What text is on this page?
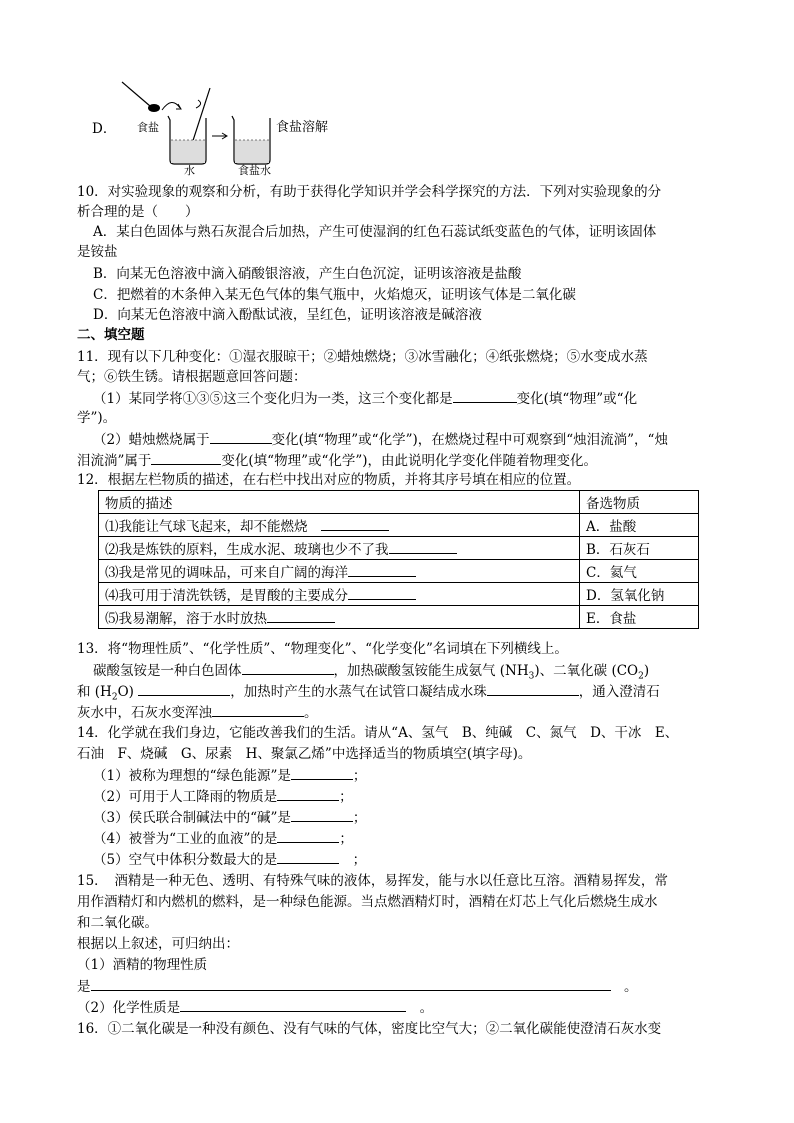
D． 食盐
水	食盐水
食盐溶解
10．对实验现象的观察和分析，有助于获得化学知识并学会科学探究的方法．下列对实验现象的分
析合理的是（　　）
A．某白色固体与熟石灰混合后加热，产生可使湿润的红色石蕊试纸变蓝色的气体，证明该固体
是铵盐
B．向某无色溶液中滴入硝酸银溶液，产生白色沉淀，证明该溶液是盐酸
C．把燃着的木条伸入某无色气体的集气瓶中，火焰熄灭，证明该气体是二氧化碳
D．向某无色溶液中滴入酚酞试液，呈红色，证明该溶液是碱溶液
二、填空题
11．现有以下几种变化：①湿衣服晾干；②蜡烛燃烧；③冰雪融化；④纸张燃烧；⑤水变成水蒸
气；⑥铁生锈。请根据题意回答问题：
（1）某同学将①③⑤这三个变化归为一类，这三个变化都是	变化(填“物理”或“化
学”)。
（2）蜡烛燃烧属于	变化(填“物理”或“化学”)，在燃烧过程中可观察到“烛泪流淌”，“烛
泪流淌”属于	变化(填“物理”或“化学”)，由此说明化学变化伴随着物理变化。
12．根据左栏物质的描述，在右栏中找出对应的物质，并将其序号填在相应的位置。
物质的描述	备选物质
⑴我能让气球飞起来，却不能燃烧　	A．盐酸
⑵我是炼铁的原料，生成水泥、玻璃也少不了我	B．石灰石
⑶我是常见的调味品，可来自广阔的海洋	C．氦气
⑷我可用于清洗铁锈，是胃酸的主要成分	D．氢氧化钠
⑸我易潮解，溶于水时放热	E．食盐
13．将“物理性质”、“化学性质”、“物理变化”、“化学变化”名词填在下列横线上。
碳酸氢铵是一种白色固体	，加热碳酸氢铵能生成氨气 $(NH_3)$、二氧化碳 $(CO_2)$
和 $(H_2O)$	，加热时产生的水蒸气在试管口凝结成水珠	，通入澄清石
灰水中，石灰水变浑浊	。
14．化学就在我们身边，它能改善我们的生活。请从“A、氢气　B、纯碱　C、氮气　D、干冰　E、
石油　F、烧碱　G、尿素　H、聚氯乙烯”中选择适当的物质填空(填字母)。
（1）被称为理想的“绿色能源”是	；
（2）可用于人工降雨的物质是	；
（3）侯氏联合制碱法中的“碱”是	；
（4）被誉为“工业的血液”的是	；
（5）空气中体积分数最大的是　	；
15．　酒精是一种无色、透明、有特殊气味的液体，易挥发，能与水以任意比互溶。酒精易挥发，常
用作酒精灯和内燃机的燃料，是一种绿色能源。当点燃酒精灯时，酒精在灯芯上气化后燃烧生成水
和二氧化碳。
根据以上叙述，可归纳出：
（1）酒精的物理性质
是　	。
（2）化学性质是　	。
16．①二氧化碳是一种没有颜色、没有气味的气体，密度比空气大；②二氧化碳能使澄清石灰水变
